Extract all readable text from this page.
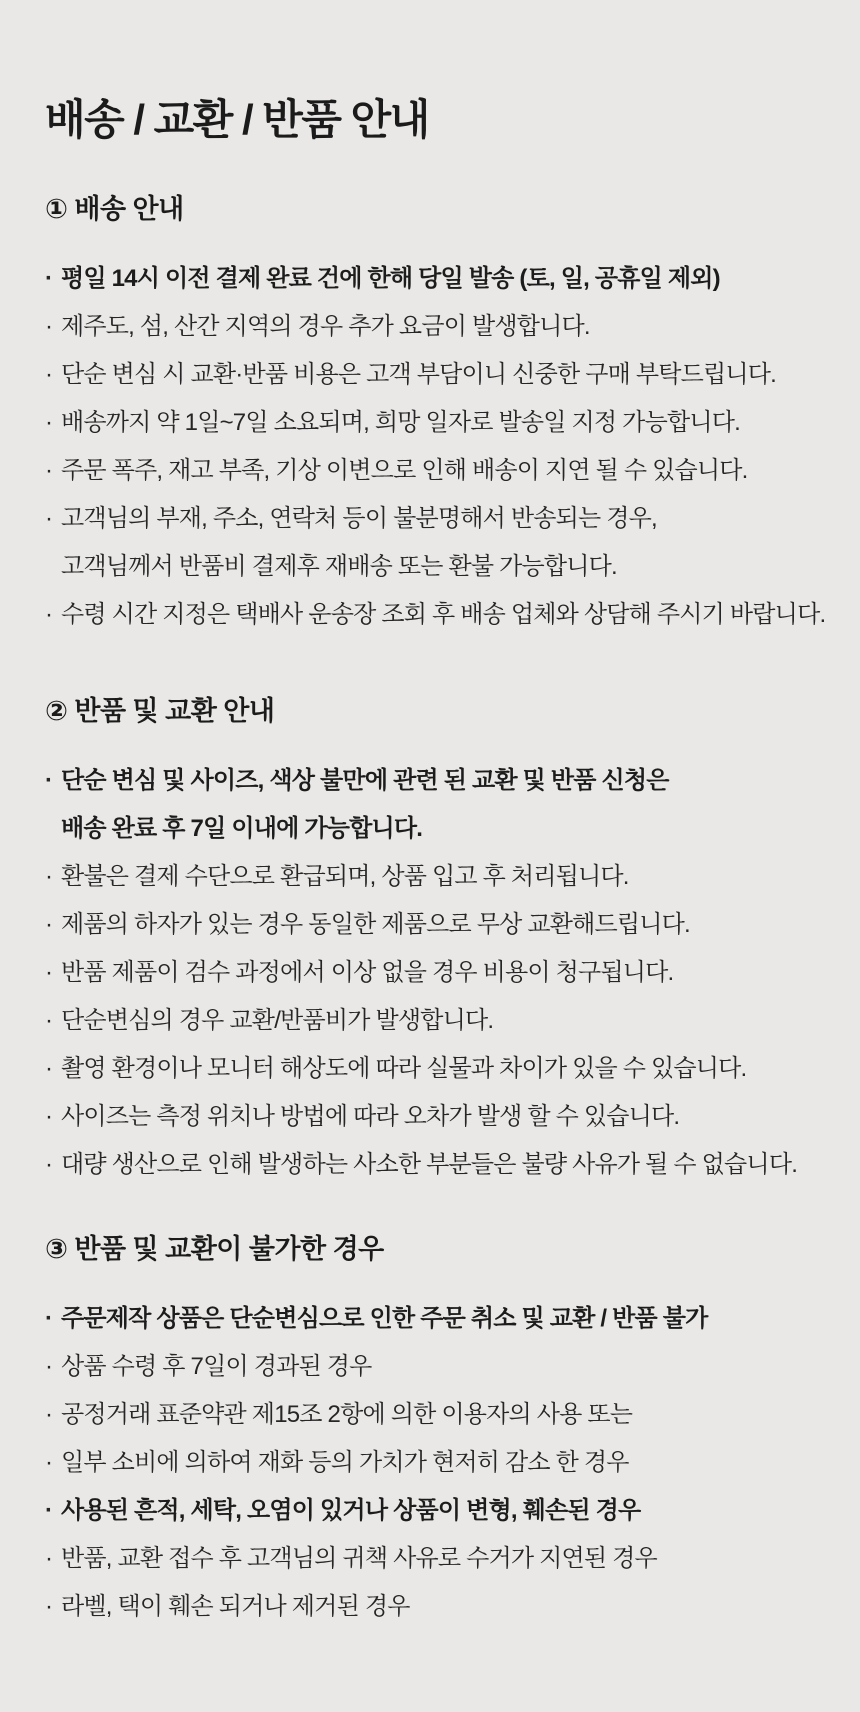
배송 / 교환 / 반품 안내
① 배송 안내
· 평일 14시 이전 결제 완료 건에 한해 당일 발송 (토, 일, 공휴일 제외)
· 제주도, 섬, 산간 지역의 경우 추가 요금이 발생합니다.
· 단순 변심 시 교환·반품 비용은 고객 부담이니 신중한 구매 부탁드립니다.
· 배송까지 약 1일~7일 소요되며, 희망 일자로 발송일 지정 가능합니다.
· 주문 폭주, 재고 부족, 기상 이변으로 인해 배송이 지연 될 수 있습니다.
· 고객님의 부재, 주소, 연락처 등이 불분명해서 반송되는 경우,
고객님께서 반품비 결제후 재배송 또는 환불 가능합니다.
· 수령 시간 지정은 택배사 운송장 조회 후 배송 업체와 상담해 주시기 바랍니다.
② 반품 및 교환 안내
· 단순 변심 및 사이즈, 색상 불만에 관련 된 교환 및 반품 신청은
배송 완료 후 7일 이내에 가능합니다.
· 환불은 결제 수단으로 환급되며, 상품 입고 후 처리됩니다.
· 제품의 하자가 있는 경우 동일한 제품으로 무상 교환해드립니다.
· 반품 제품이 검수 과정에서 이상 없을 경우 비용이 청구됩니다.
· 단순변심의 경우 교환/반품비가 발생합니다.
· 촬영 환경이나 모니터 해상도에 따라 실물과 차이가 있을 수 있습니다.
· 사이즈는 측정 위치나 방법에 따라 오차가 발생 할 수 있습니다.
· 대량 생산으로 인해 발생하는 사소한 부분들은 불량 사유가 될 수 없습니다.
③ 반품 및 교환이 불가한 경우
· 주문제작 상품은 단순변심으로 인한 주문 취소 및 교환 / 반품 불가
· 상품 수령 후 7일이 경과된 경우
· 공정거래 표준약관 제15조 2항에 의한 이용자의 사용 또는
· 일부 소비에 의하여 재화 등의 가치가 현저히 감소 한 경우
· 사용된 흔적, 세탁, 오염이 있거나 상품이 변형, 훼손된 경우
· 반품, 교환 접수 후 고객님의 귀책 사유로 수거가 지연된 경우
· 라벨, 택이 훼손 되거나 제거된 경우
